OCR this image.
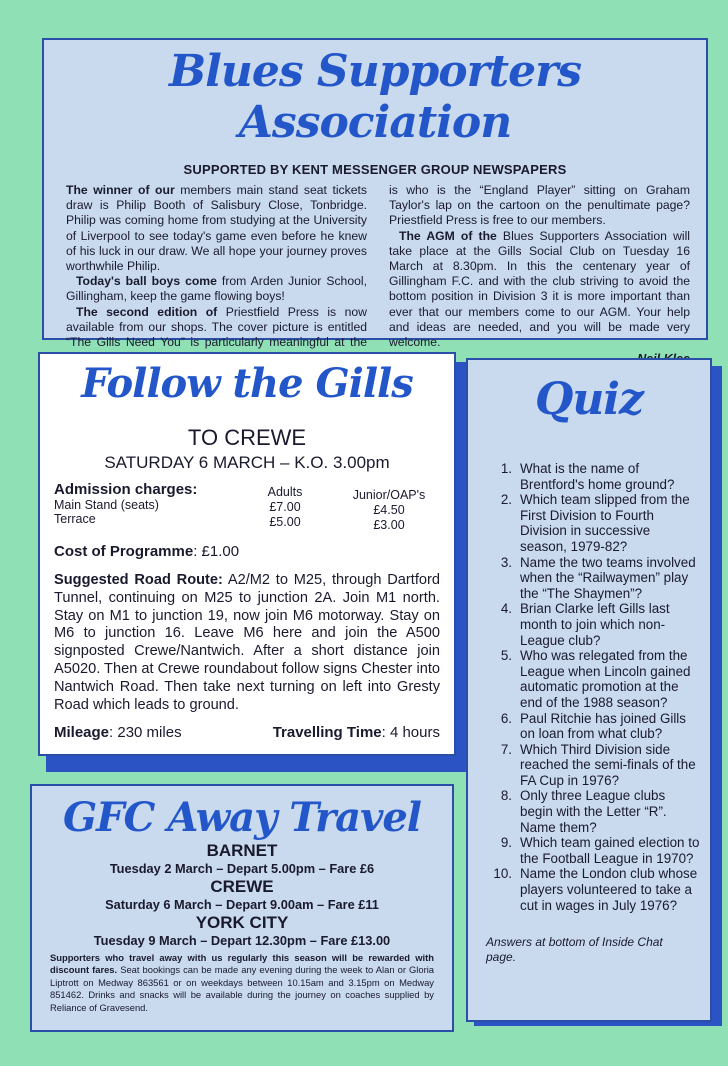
Blues Supporters Association
SUPPORTED BY KENT MESSENGER GROUP NEWSPAPERS

The winner of our members main stand seat tickets draw is Philip Booth of Salisbury Close, Tonbridge. Philip was coming home from studying at the University of Liverpool to see today's game even before he knew of his luck in our draw. We all hope your journey proves worthwhile Philip.

Today's ball boys come from Arden Junior School, Gillingham, keep the game flowing boys!

The second edition of Priestfield Press is now available from our shops. The cover picture is entitled “The Gills Need You” is particularly meaningful at the

is who is the “England Player” sitting on Graham Taylor's lap on the cartoon on the penultimate page? Priestfield Press is free to our members.

The AGM of the Blues Supporters Association will take place at the Gills Social Club on Tuesday 16 March at 8.30pm. In this the centenary year of Gillingham F.C. and with the club striving to avoid the bottom position in Division 3 it is more important than ever that our members come to our AGM. Your help and ideas are needed, and you will be made very welcome.

Follow the Gills
TO CREWE
SATURDAY 6 MARCH – K.O. 3.00pm
Admission charges:
Main Stand (seats)
Terrace
Adults
£7.00
£5.00
Junior/OAP's
£4.50
£3.00
Cost of Programme: £1.00
Suggested Road Route: A2/M2 to M25, through Dartford Tunnel, continuing on M25 to junction 2A. Join M1 north. Stay on M1 to junction 19, now join M6 motorway. Stay on M6 to junction 16. Leave M6 here and join the A500 signposted Crewe/Nantwich. After a short distance join A5020. Then at Crewe roundabout follow signs Chester into Nantwich Road. Then take next turning on left into Gresty Road which leads to ground.
Mileage: 230 miles	Travelling Time: 4 hours
Quiz
1. What is the name of Brentford's home ground?
2. Which team slipped from the First Division to Fourth Division in successive season, 1979-82?
3. Name the two teams involved when the “Railwaymen” play the “The Shaymen”?
4. Brian Clarke left Gills last month to join which non-League club?
5. Who was relegated from the League when Lincoln gained automatic promotion at the end of the 1988 season?
6. Paul Ritchie has joined Gills on loan from what club?
7. Which Third Division side reached the semi-finals of the FA Cup in 1976?
8. Only three League clubs begin with the Letter “R”. Name them?
9. Which team gained election to the Football League in 1970?
10. Name the London club whose players volunteered to take a cut in wages in July 1976?
Answers at bottom of Inside Chat page.
GFC Away Travel
BARNET
Tuesday 2 March – Depart 5.00pm – Fare £6
CREWE
Saturday 6 March – Depart 9.00am – Fare £11
YORK CITY
Tuesday 9 March – Depart 12.30pm – Fare £13.00
Supporters who travel away with us regularly this season will be rewarded with discount fares. Seat bookings can be made any evening during the week to Alan or Gloria Liptrott on Medway 863561 or on weekdays between 10.15am and 3.15pm on Medway 851462. Drinks and snacks will be available during the journey on coaches supplied by Reliance of Gravesend.
